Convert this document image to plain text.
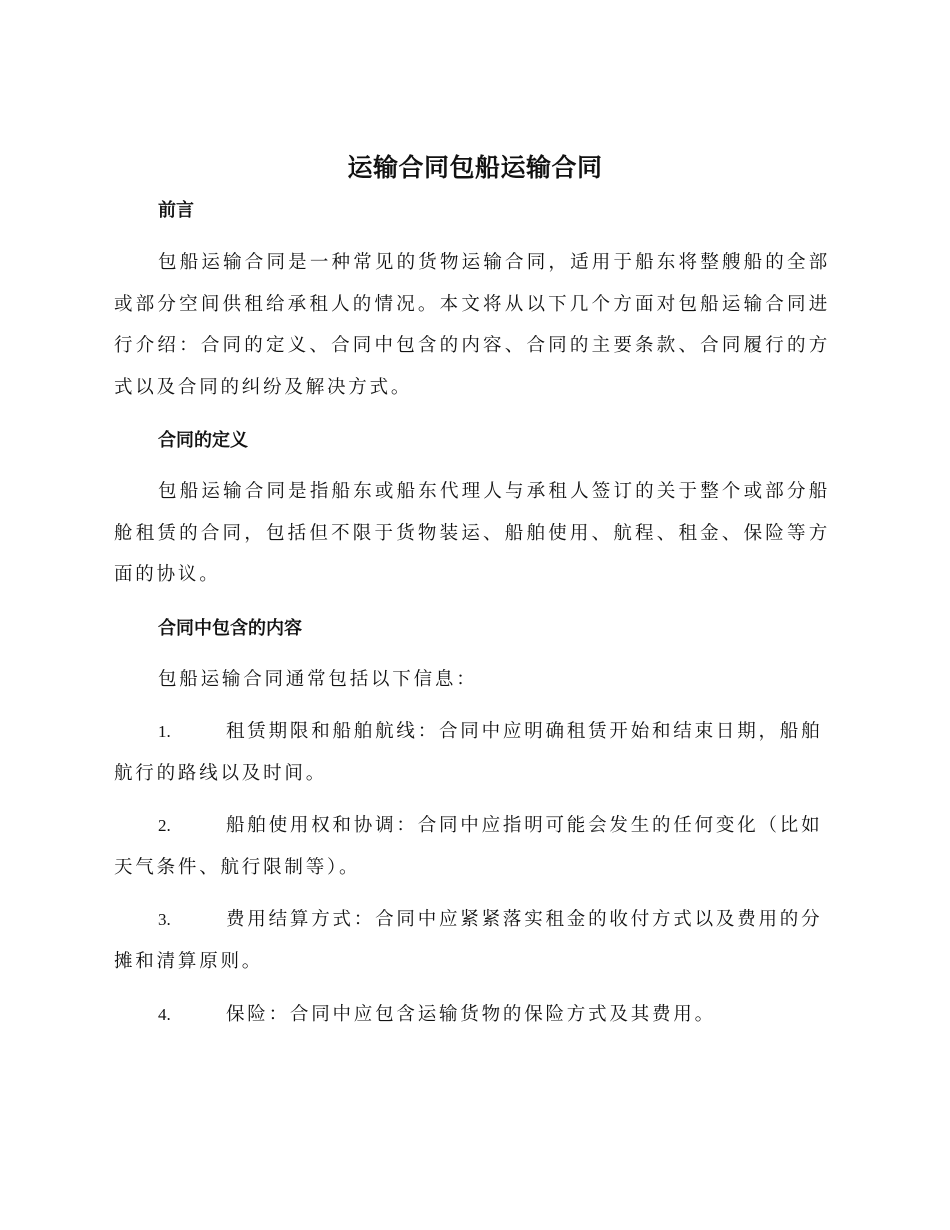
运输合同包船运输合同
前言

包船运输合同是一种常见的货物运输合同，适用于船东将整艘船的全部或部分空间供租给承租人的情况。本文将从以下几个方面对包船运输合同进行介绍：合同的定义、合同中包含的内容、合同的主要条款、合同履行的方式以及合同的纠纷及解决方式。

合同的定义

包船运输合同是指船东或船东代理人与承租人签订的关于整个或部分船舱租赁的合同，包括但不限于货物装运、船舶使用、航程、租金、保险等方面的协议。

合同中包含的内容
包船运输合同通常包括以下信息：

1.	租赁期限和船舶航线：合同中应明确租赁开始和结束日期，船舶航行的路线以及时间。

2.	船舶使用权和协调：合同中应指明可能会发生的任何变化（比如天气条件、航行限制等）。

3.	费用结算方式：合同中应紧紧落实租金的收付方式以及费用的分摊和清算原则。

4.	保险：合同中应包含运输货物的保险方式及其费用。
